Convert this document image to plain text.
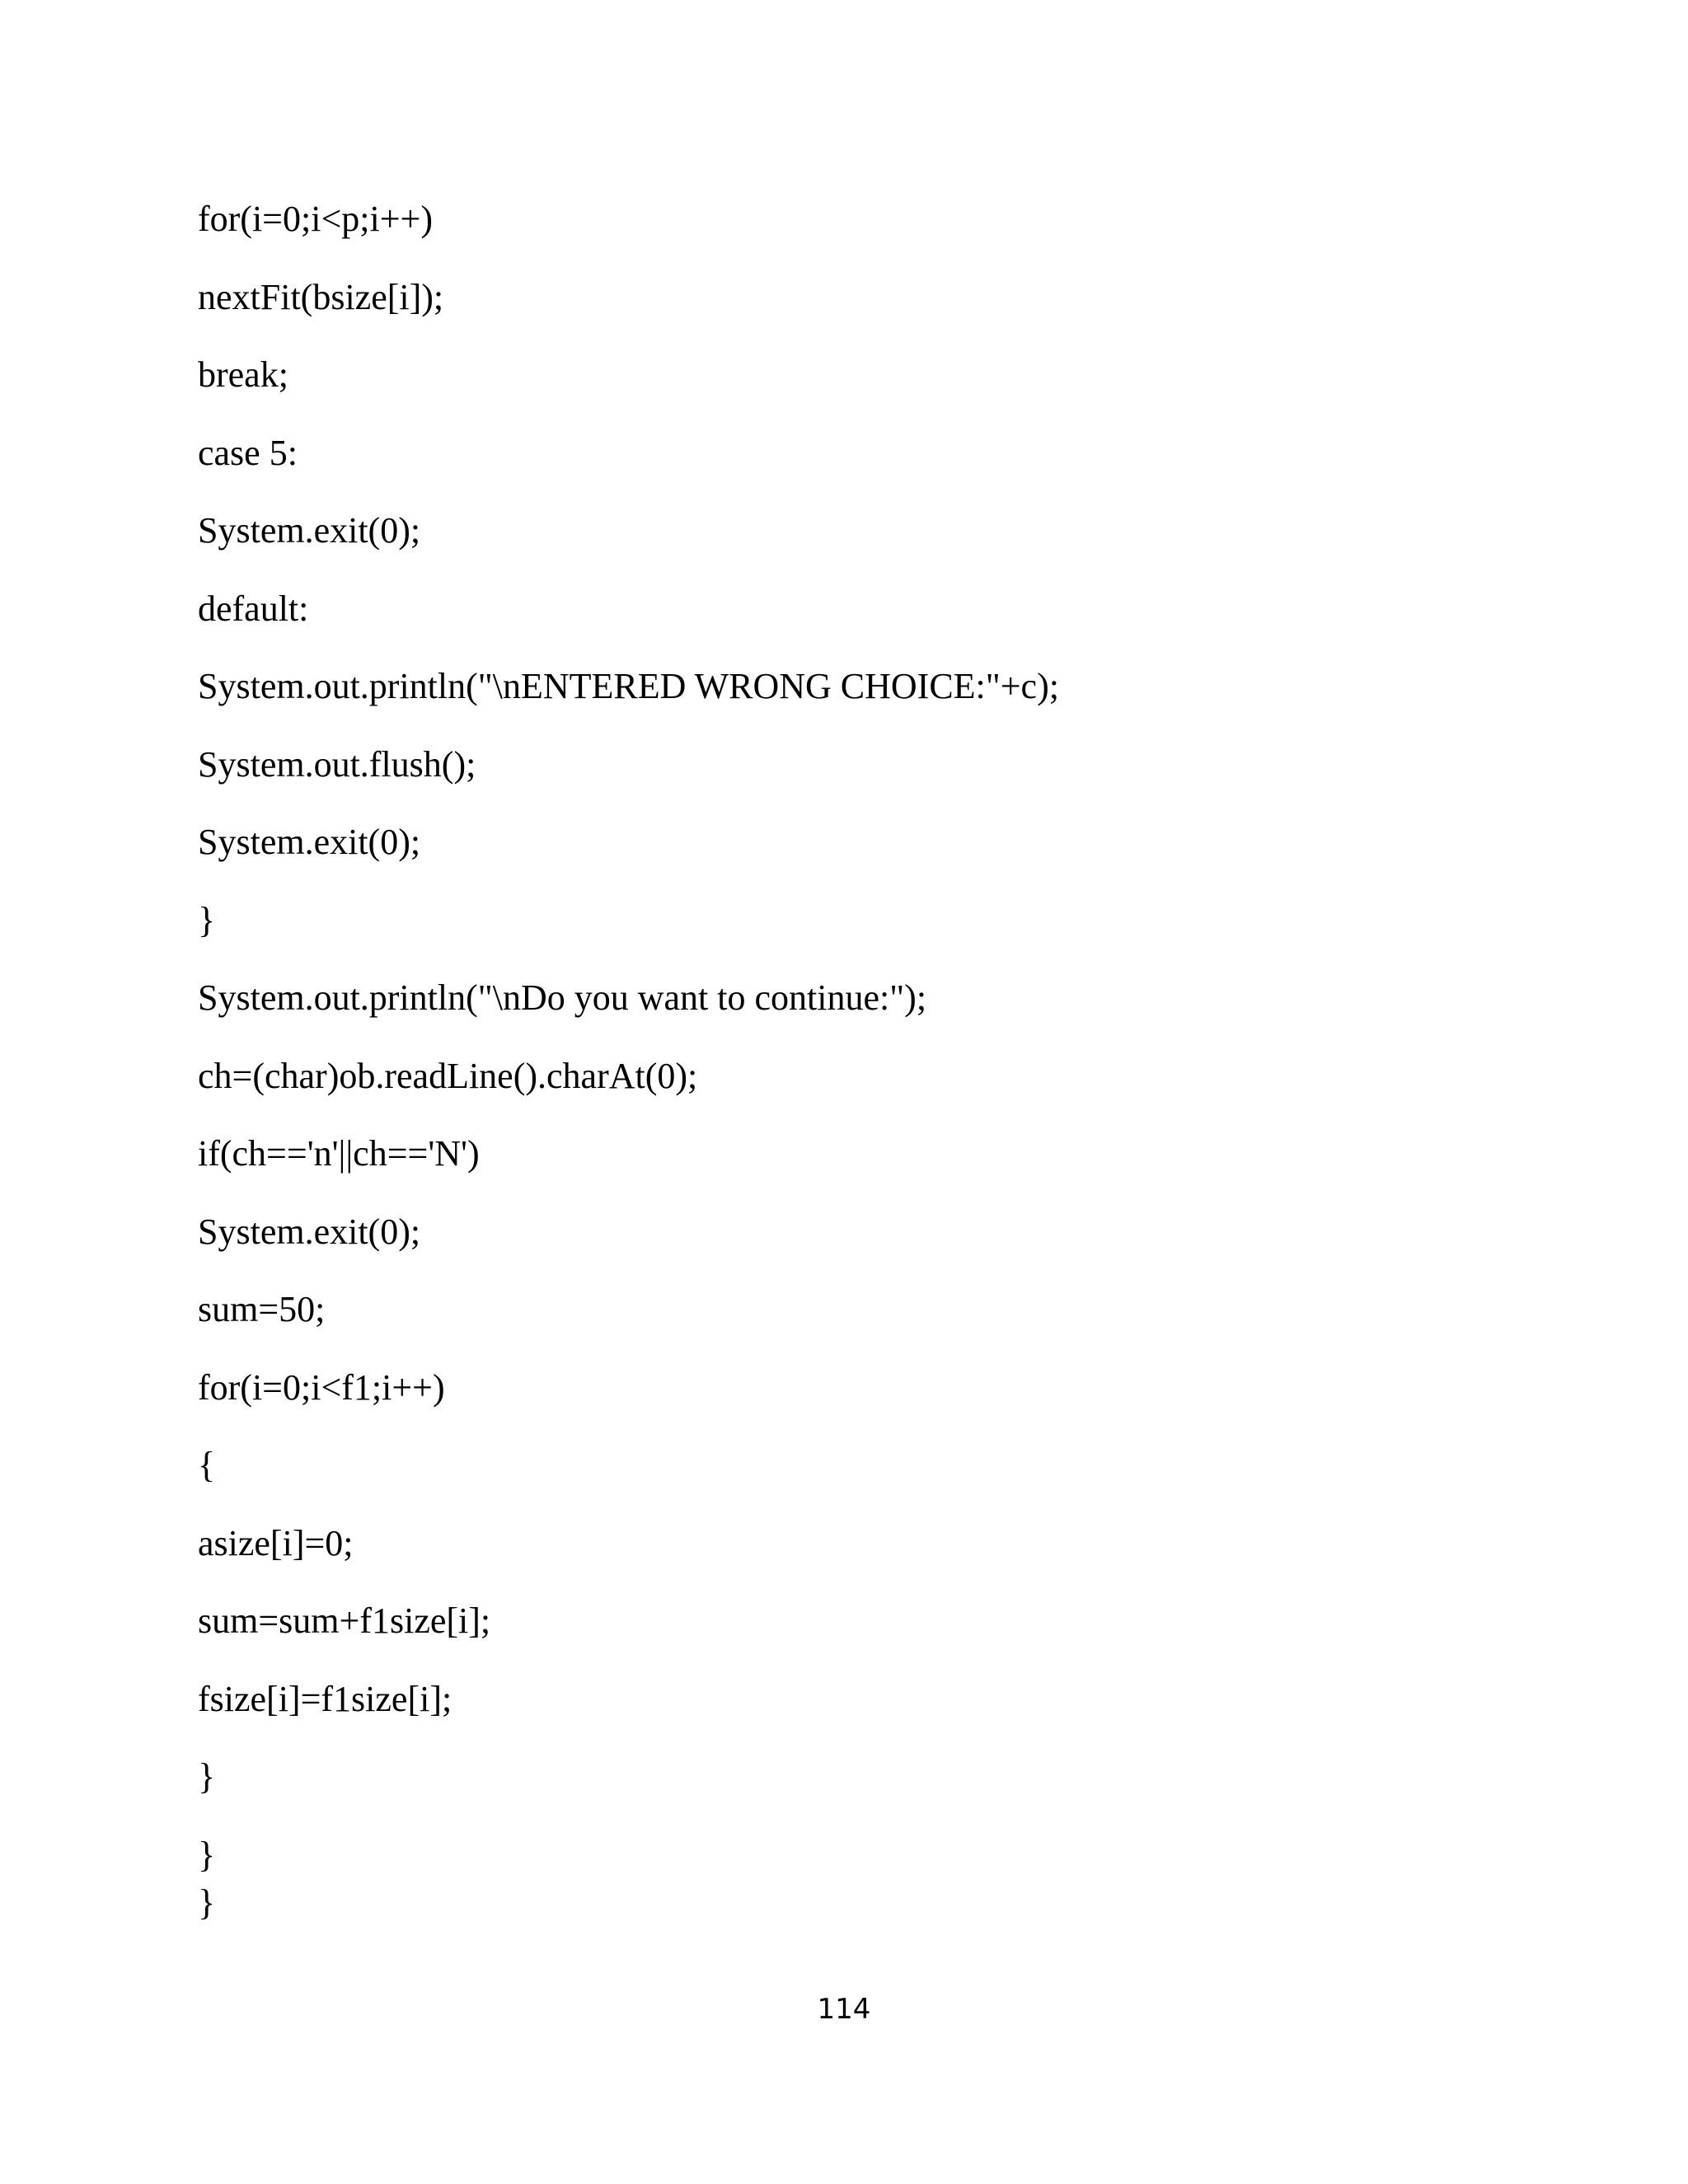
for(i=0;i<p;i++)
nextFit(bsize[i]);
break;
case 5:
System.exit(0);
default:
System.out.println("\nENTERED WRONG CHOICE:"+c);
System.out.flush();
System.exit(0);
}
System.out.println("\nDo you want to continue:");
ch=(char)ob.readLine().charAt(0);
if(ch=='n'||ch=='N')
System.exit(0);
sum=50;
for(i=0;i<f1;i++)
{
asize[i]=0;
sum=sum+f1size[i];
fsize[i]=f1size[i];
}
}
}
114
